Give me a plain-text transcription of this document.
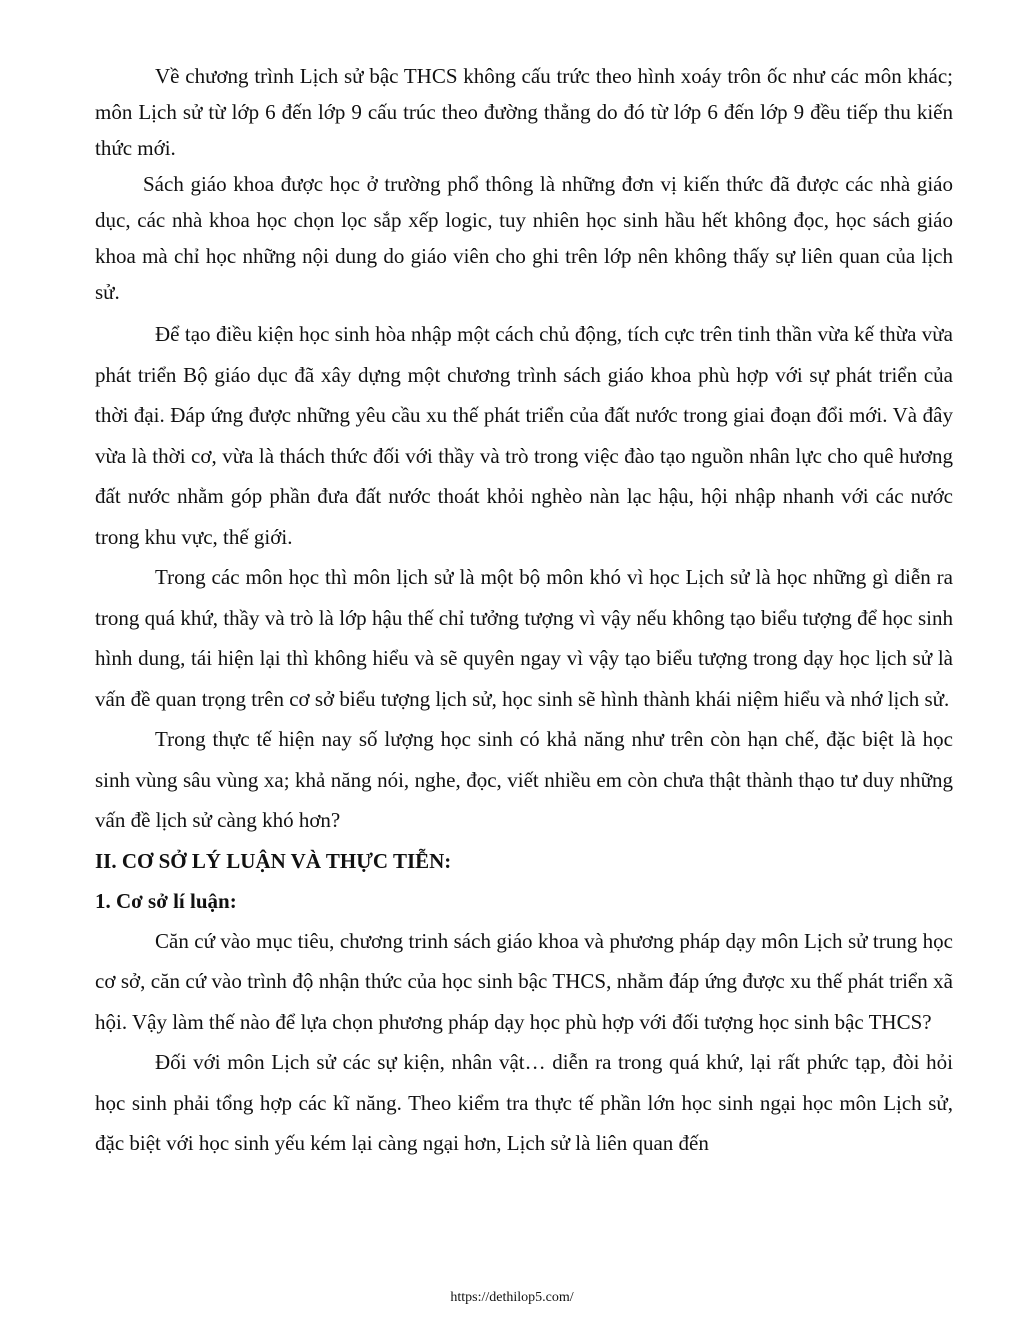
Về chương trình Lịch sử bậc THCS không cấu trức theo hình xoáy trôn ốc như các môn khác; môn Lịch sử từ lớp 6 đến lớp 9 cấu trúc theo đường thẳng do đó từ lớp 6 đến lớp 9 đều tiếp thu kiến thức mới.

Sách giáo khoa được học ở trường phổ thông là những đơn vị kiến thức đã được các nhà giáo dục, các nhà khoa học chọn lọc sắp xếp logic, tuy nhiên học sinh hầu hết không đọc, học sách giáo khoa mà chỉ học những nội dung do giáo viên cho ghi trên lớp nên không thấy sự liên quan của lịch sử.

Để tạo điều kiện học sinh hòa nhập một cách chủ động, tích cực trên tinh thần vừa kế thừa vừa phát triển Bộ giáo dục đã xây dựng một chương trình sách giáo khoa phù hợp với sự phát triển của thời đại. Đáp ứng được những yêu cầu xu thế phát triển của đất nước trong giai đoạn đổi mới. Và đây vừa là thời cơ, vừa là thách thức đối với thầy và trò trong việc đào tạo nguồn nhân lực cho quê hương đất nước nhằm góp phần đưa đất nước thoát khỏi nghèo nàn lạc hậu, hội nhập nhanh với các nước trong khu vực, thế giới.

Trong các môn học thì môn lịch sử là một bộ môn khó vì học Lịch sử là học những gì diễn ra trong quá khứ, thầy và trò là lớp hậu thế chỉ tưởng tượng vì vậy nếu không tạo biểu tượng để học sinh hình dung, tái hiện lại thì không hiểu và sẽ quyên ngay vì vậy tạo biểu tượng trong dạy học lịch sử là vấn đề quan trọng trên cơ sở biểu tượng lịch sử, học sinh sẽ hình thành khái niệm hiểu và nhớ lịch sử.

Trong thực tế hiện nay số lượng học sinh có khả năng như trên còn hạn chế, đặc biệt là học sinh vùng sâu vùng xa; khả năng nói, nghe, đọc, viết nhiều em còn chưa thật thành thạo tư duy những vấn đề lịch sử càng khó hơn?

II. CƠ SỞ LÝ LUẬN VÀ THỰC TIỄN:

1. Cơ sở lí luận:

Căn cứ vào mục tiêu, chương trinh sách giáo khoa và phương pháp dạy môn Lịch sử trung học cơ sở, căn cứ vào trình độ nhận thức của học sinh bậc THCS, nhằm đáp ứng được xu thế phát triển xã hội. Vậy làm thế nào để lựa chọn phương pháp dạy học phù hợp với đối tượng học sinh bậc THCS?

Đối với môn Lịch sử các sự kiện, nhân vật… diễn ra trong quá khứ, lại rất phức tạp, đòi hỏi học sinh phải tổng hợp các kĩ năng. Theo kiểm tra thực tế phần lớn học sinh ngại học môn Lịch sử, đặc biệt với học sinh yếu kém lại càng ngại hơn, Lịch sử là liên quan đến

https://dethilop5.com/
